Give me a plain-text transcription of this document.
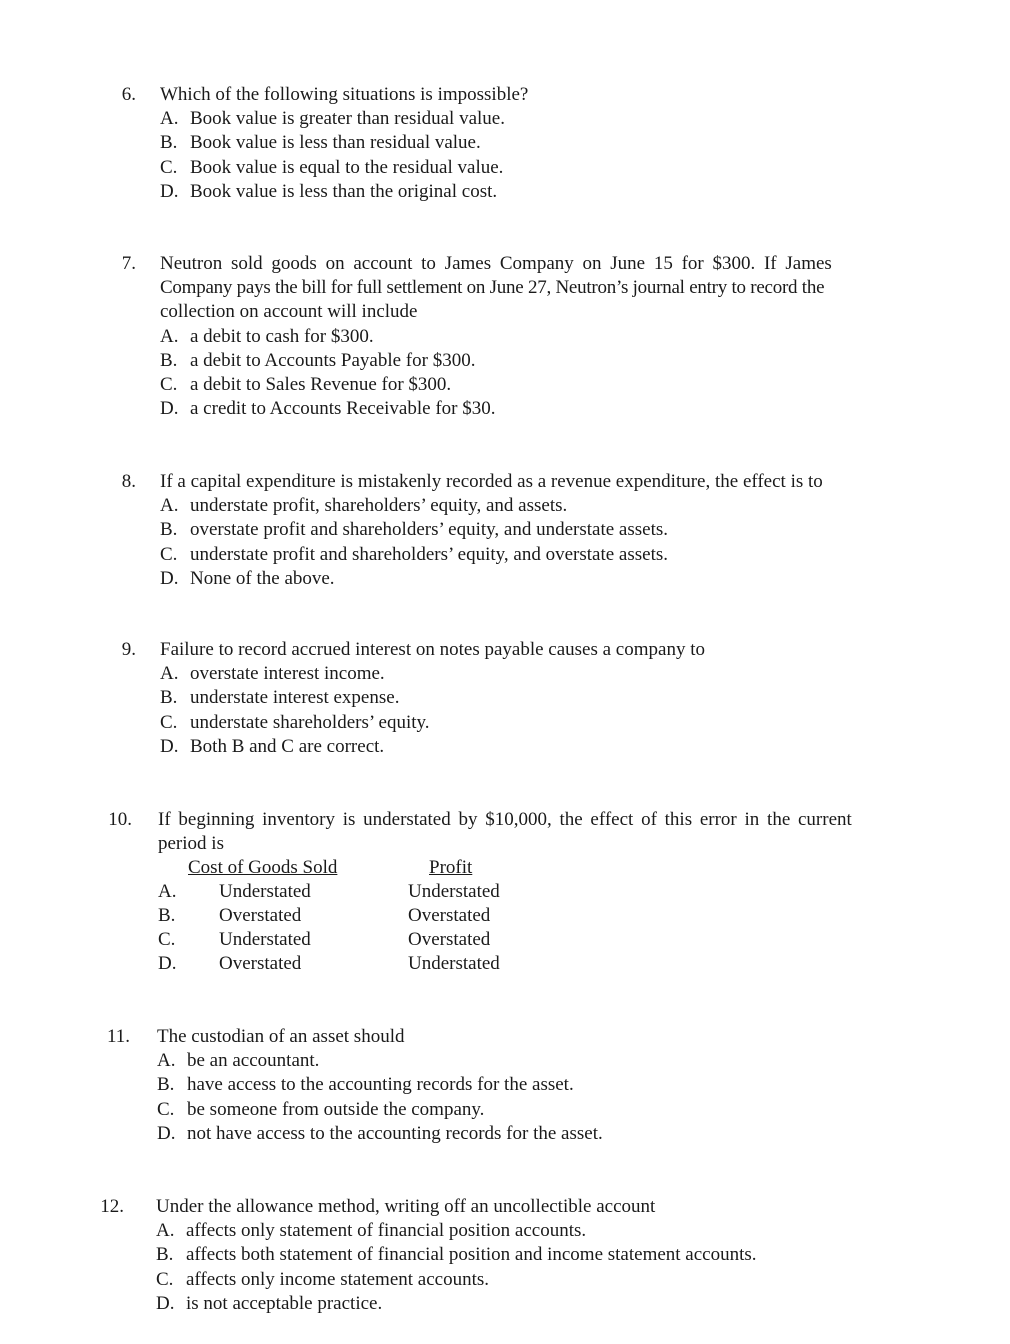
6. Which of the following situations is impossible?
A. Book value is greater than residual value.
B. Book value is less than residual value.
C. Book value is equal to the residual value.
D. Book value is less than the original cost.
7. Neutron sold goods on account to James Company on June 15 for $300. If James
Company pays the bill for full settlement on June 27, Neutron’s journal entry to record the
collection on account will include
A. a debit to cash for $300.
B. a debit to Accounts Payable for $300.
C. a debit to Sales Revenue for $300.
D. a credit to Accounts Receivable for $30.
8. If a capital expenditure is mistakenly recorded as a revenue expenditure, the effect is to
A. understate profit, shareholders’ equity, and assets.
B. overstate profit and shareholders’ equity, and understate assets.
C. understate profit and shareholders’ equity, and overstate assets.
D. None of the above.
9. Failure to record accrued interest on notes payable causes a company to
A. overstate interest income.
B. understate interest expense.
C. understate shareholders’ equity.
D. Both B and C are correct.
10. If beginning inventory is understated by $10,000, the effect of this error in the current
period is
Cost of Goods Sold	Profit
A. Understated	Understated
B. Overstated	Overstated
C. Understated	Overstated
D. Overstated	Understated
11. The custodian of an asset should
A. be an accountant.
B. have access to the accounting records for the asset.
C. be someone from outside the company.
D. not have access to the accounting records for the asset.
12. Under the allowance method, writing off an uncollectible account
A. affects only statement of financial position accounts.
B. affects both statement of financial position and income statement accounts.
C. affects only income statement accounts.
D. is not acceptable practice.
